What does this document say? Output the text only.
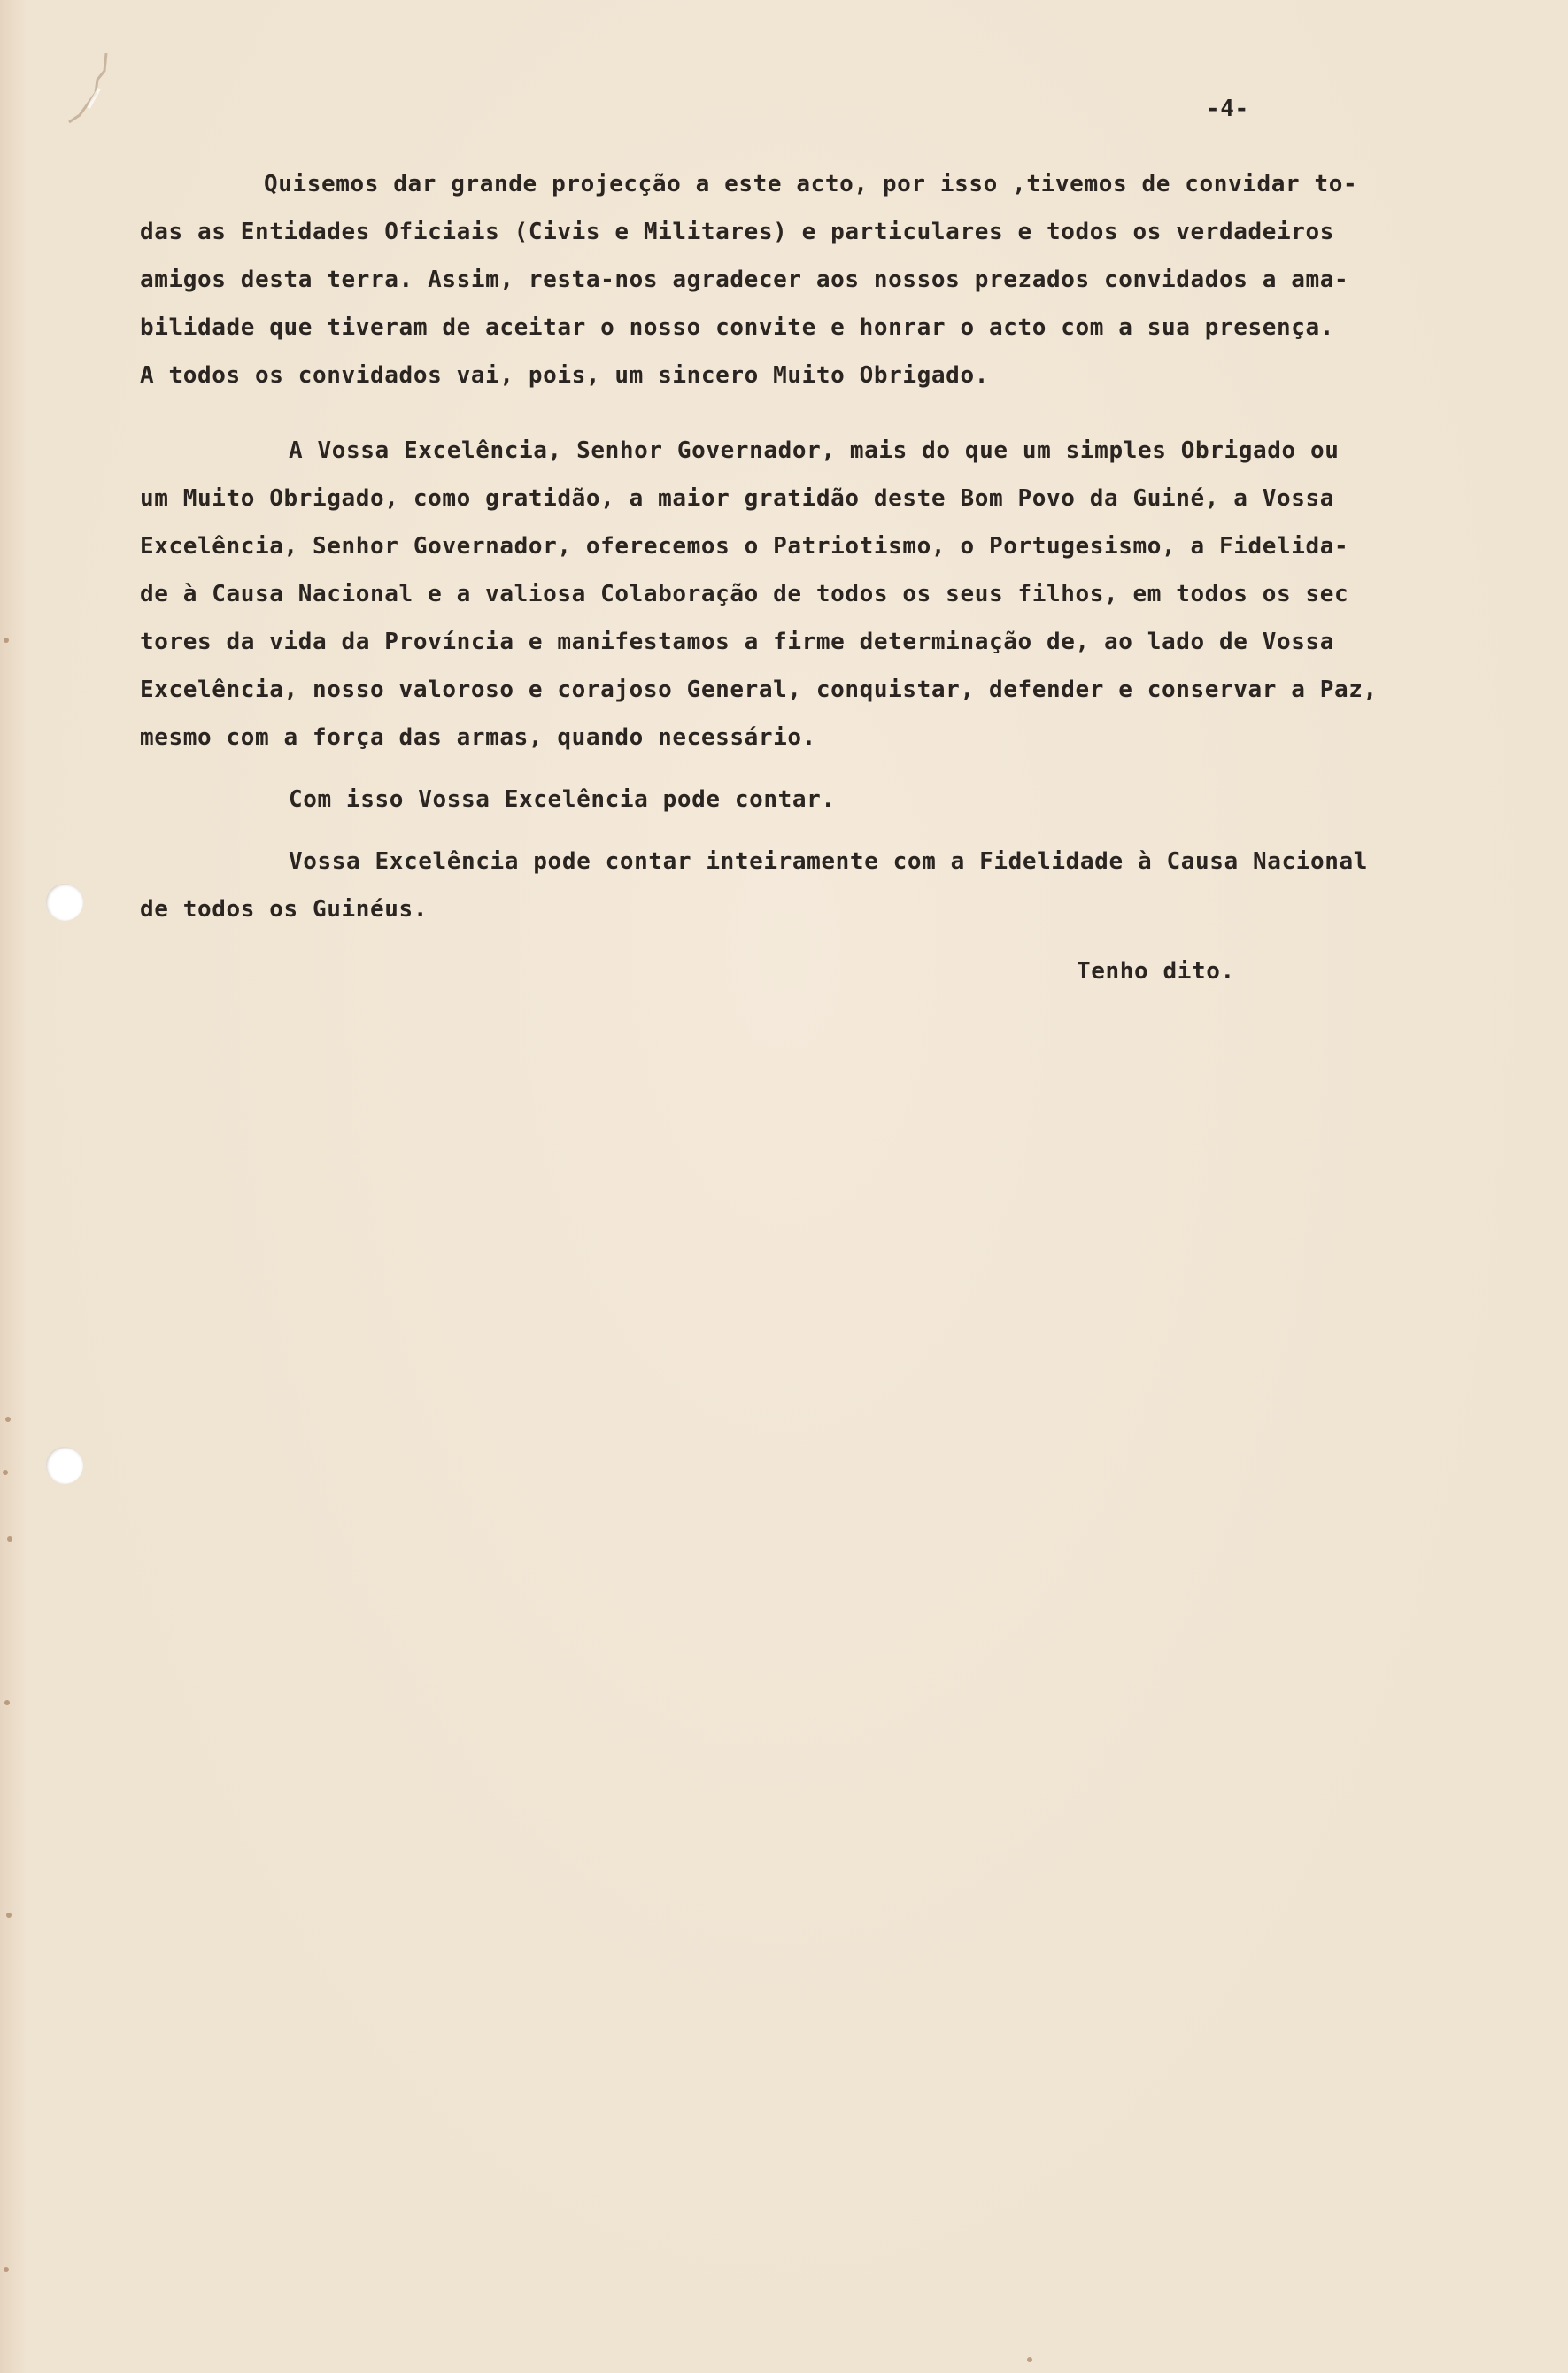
-4-
Quisemos dar grande projecção a este acto, por isso ,tivemos de convidar to-
das as Entidades Oficiais (Civis e Militares) e particulares e todos os verdadeiros
amigos desta terra. Assim, resta-nos agradecer aos nossos prezados convidados a ama-
bilidade que tiveram de aceitar o nosso convite e honrar o acto com a sua presença.
A todos os convidados vai, pois, um sincero Muito Obrigado.
A Vossa Excelência, Senhor Governador, mais do que um simples Obrigado ou
um Muito Obrigado, como gratidão, a maior gratidão deste Bom Povo da Guiné, a Vossa
Excelência, Senhor Governador, oferecemos o Patriotismo, o Portugesismo, a Fidelida-
de à Causa Nacional e a valiosa Colaboração de todos os seus filhos, em todos os sec
tores da vida da Província e manifestamos a firme determinação de, ao lado de Vossa
Excelência, nosso valoroso e corajoso General, conquistar, defender e conservar a Paz,
mesmo com a força das armas, quando necessário.
Com isso Vossa Excelência pode contar.
Vossa Excelência pode contar inteiramente com a Fidelidade à Causa Nacional
de todos os Guinéus.
Tenho dito.
